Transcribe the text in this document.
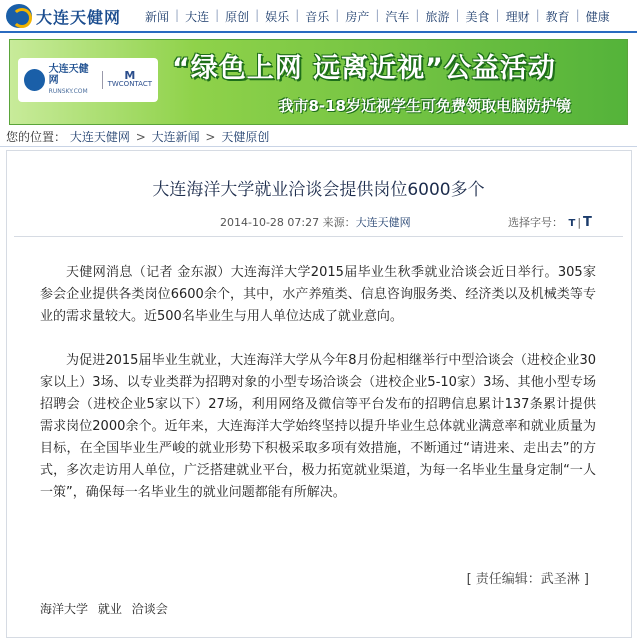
大连天健网 新闻 | 大连 | 原创 | 娱乐 | 音乐 | 房产 | 汽车 | 旅游 | 美食 | 理财 | 教育 | 健康
大连天健网
RUNSKY.COM
M
TWCONTACT “绿色上网 远离近视”公益活动
我市8-18岁近视学生可免费领取电脑防护镜
您的位置： 大连天健网 > 大连新闻 > 天健原创
大连海洋大学就业洽谈会提供岗位6000多个
2014-10-28 07:27 来源：大连天健网	选择字号： T | T

天健网消息（记者 金东淑）大连海洋大学2015届毕业生秋季就业洽谈会近日举行。305家参会企业提供各类岗位6600余个，其中，水产养殖类、信息咨询服务类、经济类以及机械类等专业的需求量较大。近500名毕业生与用人单位达成了就业意向。

为促进2015届毕业生就业，大连海洋大学从今年8月份起相继举行中型洽谈会（进校企业30家以上）3场、以专业类群为招聘对象的小型专场洽谈会（进校企业5-10家）3场、其他小型专场招聘会（进校企业5家以下）27场，利用网络及微信等平台发布的招聘信息累计137条累计提供需求岗位2000余个。近年来，大连海洋大学始终坚持以提升毕业生总体就业满意率和就业质量为目标，在全国毕业生严峻的就业形势下积极采取多项有效措施，不断通过“请进来、走出去”的方式，多次走访用人单位，广泛搭建就业平台，极力拓宽就业渠道，为每一名毕业生量身定制“一人一策”，确保每一名毕业生的就业问题都能有所解决。

[ 责任编辑：武圣淋 ]
海洋大学 就业 洽谈会
